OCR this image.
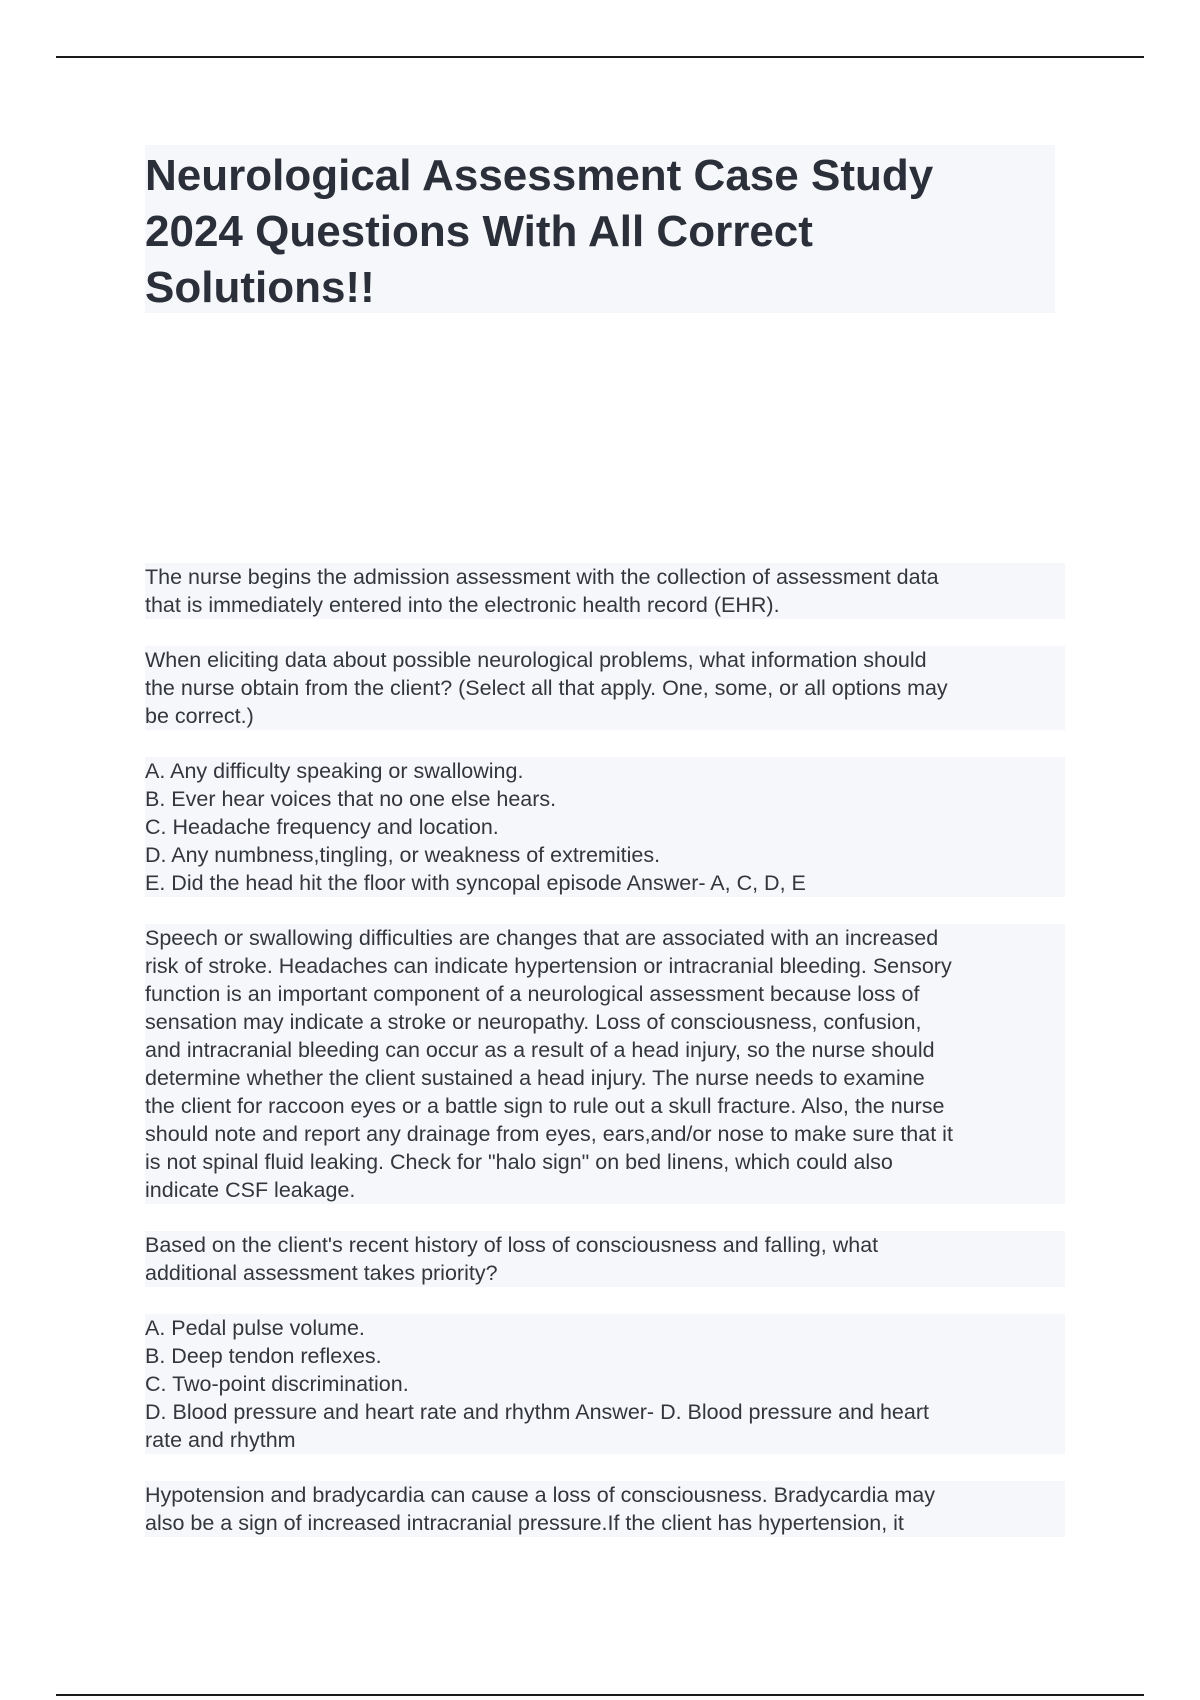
Neurological Assessment Case Study
2024 Questions With All Correct
Solutions!!

The nurse begins the admission assessment with the collection of assessment data
that is immediately entered into the electronic health record (EHR).

When eliciting data about possible neurological problems, what information should
the nurse obtain from the client? (Select all that apply. One, some, or all options may
be correct.)

A. Any difficulty speaking or swallowing.
B. Ever hear voices that no one else hears.
C. Headache frequency and location.
D. Any numbness,tingling, or weakness of extremities.
E. Did the head hit the floor with syncopal episode Answer- A, C, D, E

Speech or swallowing difficulties are changes that are associated with an increased
risk of stroke. Headaches can indicate hypertension or intracranial bleeding. Sensory
function is an important component of a neurological assessment because loss of
sensation may indicate a stroke or neuropathy. Loss of consciousness, confusion,
and intracranial bleeding can occur as a result of a head injury, so the nurse should
determine whether the client sustained a head injury. The nurse needs to examine
the client for raccoon eyes or a battle sign to rule out a skull fracture. Also, the nurse
should note and report any drainage from eyes, ears,and/or nose to make sure that it
is not spinal fluid leaking. Check for "halo sign" on bed linens, which could also
indicate CSF leakage.

Based on the client's recent history of loss of consciousness and falling, what
additional assessment takes priority?

A. Pedal pulse volume.
B. Deep tendon reflexes.
C. Two-point discrimination.
D. Blood pressure and heart rate and rhythm Answer- D. Blood pressure and heart
rate and rhythm

Hypotension and bradycardia can cause a loss of consciousness. Bradycardia may
also be a sign of increased intracranial pressure.If the client has hypertension, it
